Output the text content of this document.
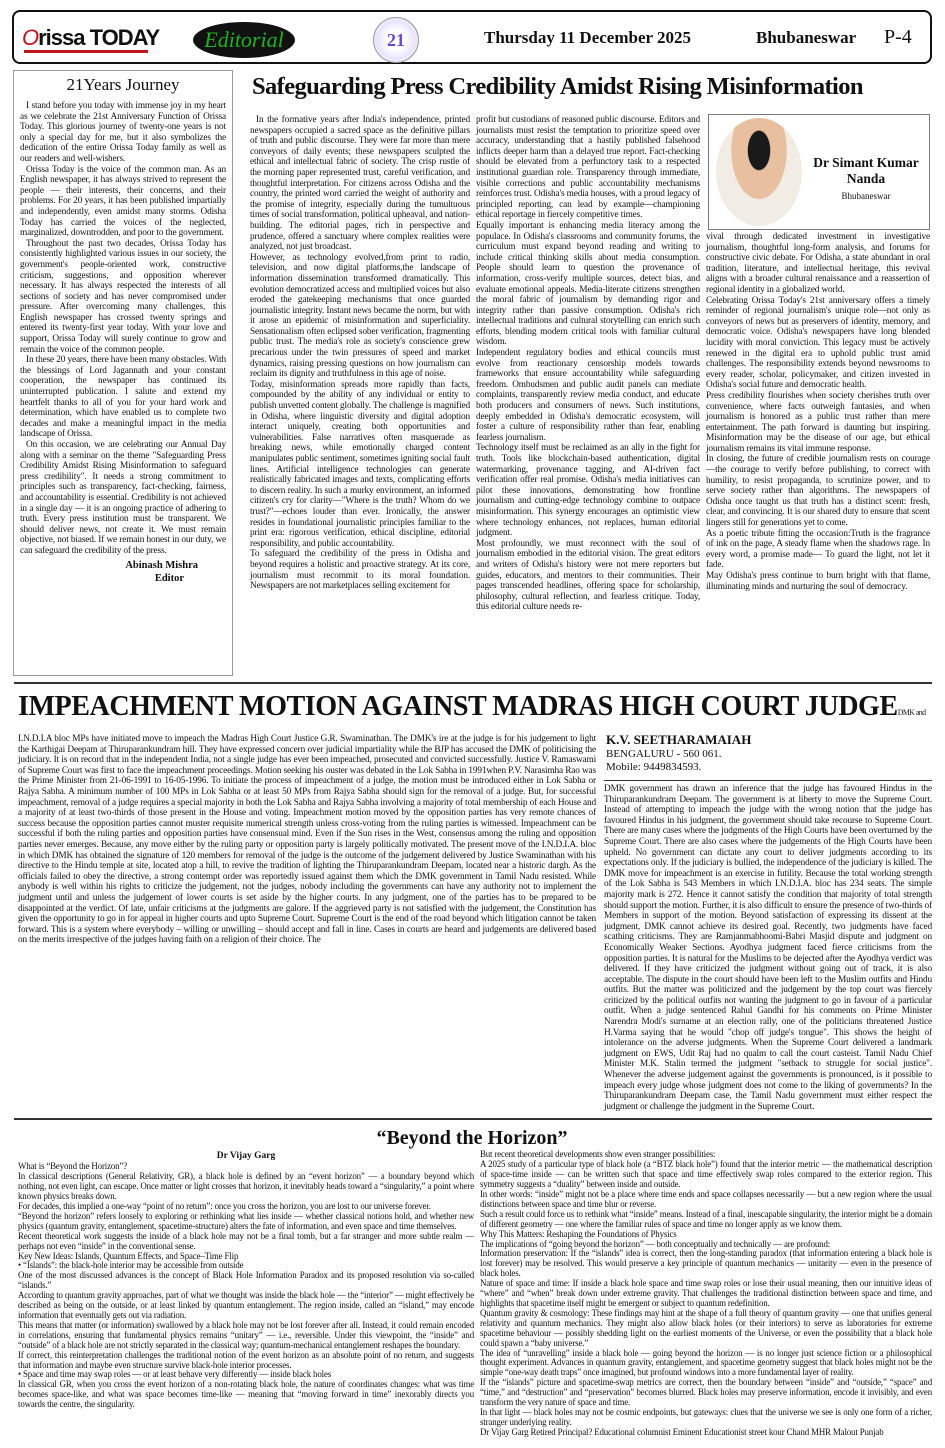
Orissa TODAY	Editorial	21	Thursday 11 December 2025	Bhubaneswar P-4
21Years Journey

I stand before you today with immense joy in my heart as we celebrate the 21st Anniversary Function of Orissa Today. This glorious journey of twenty-one years is not only a special day for me, but it also symbolizes the dedication of the entire Orissa Today family as well as our readers and well-wishers.

Orissa Today is the voice of the common man. As an English newspaper, it has always strived to represent the people — their interests, their concerns, and their problems. For 20 years, it has been published impartially and independently, even amidst many storms. Odisha Today has carried the voices of the neglected, marginalized, downtrodden, and poor to the government.

Throughout the past two decades, Orissa Today has consistently highlighted various issues in our society, the government's people-oriented work, constructive criticism, suggestions, and opposition wherever necessary. It has always respected the interests of all sections of society and has never compromised under pressure. After overcoming many challenges, this English newspaper has crossed twenty springs and entered its twenty-first year today. With your love and support, Orissa Today will surely continue to grow and remain the voice of the common people.

In these 20 years, there have been many obstacles. With the blessings of Lord Jagannath and your constant cooperation, the newspaper has continued its uninterrupted publication. I salute and extend my heartfelt thanks to all of you for your hard work and determination, which have enabled us to complete two decades and make a meaningful impact in the media landscape of Orissa.

On this occasion, we are celebrating our Annual Day along with a seminar on the theme "Safeguarding Press Credibility Amidst Rising Misinformation to safeguard press credibility". It needs a strong commitment to principles such as transparency, fact-checking, fairness, and accountability is essential. Credibility is not achieved in a single day — it is an ongoing practice of adhering to truth. Every press institution must be transparent. We should deliver news, not create it. We must remain objective, not biased. If we remain honest in our duty, we can safeguard the credibility of the press.

Abinash Mishra
Editor
Safeguarding Press Credibility Amidst Rising Misinformation

In the formative years after India's independence, printed newspapers occupied a sacred space as the definitive pillars of truth and public discourse. They were far more than mere conveyors of daily events; these newspapers sculpted the ethical and intellectual fabric of society. The crisp rustle of the morning paper represented trust, careful verification, and thoughtful interpretation. For citizens across Odisha and the country, the printed word carried the weight of authority and the promise of integrity, especially during the tumultuous times of social transformation, political upheaval, and nation-building. The editorial pages, rich in perspective and prudence, offered a sanctuary where complex realities were analyzed, not just broadcast.

However, as technology evolved,from print to radio, television, and now digital platforms,the landscape of information dissemination transformed dramatically. This evolution democratized access and multiplied voices but also eroded the gatekeeping mechanisms that once guarded journalistic integrity. Instant news became the norm, but with it arose an epidemic of misinformation and superficiality. Sensationalism often eclipsed sober verification, fragmenting public trust. The media's role as society's conscience grew precarious under the twin pressures of speed and market dynamics, raising pressing questions on how journalism can reclaim its dignity and truthfulness in this age of noise.

Today, misinformation spreads more rapidly than facts, compounded by the ability of any individual or entity to publish unvetted content globally. The challenge is magnified in Odisha, where linguistic diversity and digital adoption interact uniquely, creating both opportunities and vulnerabilities. False narratives often masquerade as breaking news, while emotionally charged content manipulates public sentiment, sometimes igniting social fault lines. Artificial intelligence technologies can generate realistically fabricated images and texts, complicating efforts to discern reality. In such a murky environment, an informed citizen's cry for clarity—"Where is the truth? Whom do we trust?"—echoes louder than ever. Ironically, the answer resides in foundational journalistic principles familiar to the print era: rigorous verification, ethical discipline, editorial responsibility, and public accountability.

To safeguard the credibility of the press in Odisha and beyond requires a holistic and proactive strategy. At its core, journalism must recommit to its moral foundation. Newspapers are not marketplaces selling excitement for

profit but custodians of reasoned public discourse. Editors and journalists must resist the temptation to prioritize speed over accuracy, understanding that a hastily published falsehood inflicts deeper harm than a delayed true report. Fact-checking should be elevated from a perfunctory task to a respected institutional guardian role. Transparency through immediate, visible corrections and public accountability mechanisms reinforces trust. Odisha's media houses, with a proud legacy of principled reporting, can lead by example—championing ethical reportage in fiercely competitive times.

Equally important is enhancing media literacy among the populace. In Odisha's classrooms and community forums, the curriculum must expand beyond reading and writing to include critical thinking skills about media consumption. People should learn to question the provenance of information, cross-verify multiple sources, detect bias, and evaluate emotional appeals. Media-literate citizens strengthen the moral fabric of journalism by demanding rigor and integrity rather than passive consumption. Odisha's rich intellectual traditions and cultural storytelling can enrich such efforts, blending modern critical tools with familiar cultural wisdom.

Independent regulatory bodies and ethical councils must evolve from reactionary censorship models towards frameworks that ensure accountability while safeguarding freedom. Ombudsmen and public audit panels can mediate complaints, transparently review media conduct, and educate both producers and consumers of news. Such institutions, deeply embedded in Odisha's democratic ecosystem, will foster a culture of responsibility rather than fear, enabling fearless journalism.

Technology itself must be reclaimed as an ally in the fight for truth. Tools like blockchain-based authentication, digital watermarking, provenance tagging, and AI-driven fact verification offer real promise. Odisha's media initiatives can pilot these innovations, demonstrating how frontline journalism and cutting-edge technology combine to outpace misinformation. This synergy encourages an optimistic view where technology enhances, not replaces, human editorial judgment.

Most profoundly, we must reconnect with the soul of journalism embodied in the editorial vision. The great editors and writers of Odisha's history were not mere reporters but guides, educators, and mentors to their communities. Their pages transcended headlines, offering space for scholarship, philosophy, cultural reflection, and fearless critique. Today, this editorial culture needs re-

Dr Simant Kumar Nanda
Bhubaneswar

vival through dedicated investment in investigative journalism, thoughtful long-form analysis, and forums for constructive civic debate. For Odisha, a state abundant in oral tradition, literature, and intellectual heritage, this revival aligns with a broader cultural renaissance and a reassertion of regional identity in a globalized world.

Celebrating Orissa Today's 21st anniversary offers a timely reminder of regional journalism's unique role—not only as conveyors of news but as preservers of identity, memory, and democratic voice. Odisha's newspapers have long blended lucidity with moral conviction. This legacy must be actively renewed in the digital era to uphold public trust amid challenges. The responsibility extends beyond newsrooms to every reader, scholar, policymaker, and citizen invested in Odisha's social future and democratic health.

Press credibility flourishes when society cherishes truth over convenience, where facts outweigh fantasies, and when journalism is honored as a public trust rather than mere entertainment. The path forward is daunting but inspiring. Misinformation may be the disease of our age, but ethical journalism remains its vital immune response.

In closing, the future of credible journalism rests on courage—the courage to verify before publishing, to correct with humility, to resist propaganda, to scrutinize power, and to serve society rather than algorithms. The newspapers of Odisha once taught us that truth has a distinct scent: fresh, clear, and convincing. It is our shared duty to ensure that scent lingers still for generations yet to come.

As a poetic tribute fitting the occasion:Truth is the fragrance of ink on the page, A steady flame when the shadows rage. In every word, a promise made— To guard the light, not let it fade.

May Odisha's press continue to burn bright with that flame, illuminating minds and nurturing the soul of democracy.

IMPEACHMENT MOTION AGAINST MADRAS HIGH COURT JUDGEDMK and
I.N.D.I.A bloc MPs have initiated move to impeach the Madras High Court Justice G.R. Swaminathan. The DMK's ire at the judge is for his judgement to light the Karthigai Deepam at Thiruparankundram hill. They have expressed concern over judicial impartiality while the BJP has accused the DMK of politicising the judiciary. It is on record that in the independent India, not a single judge has ever been impeached, prosecuted and convicted successfully. Justice V. Ramaswami of Supreme Court was first to face the impeachment proceedings. Motion seeking his ouster was debated in the Lok Sabha in 1991when P.V. Narasimha Rao was the Prime Minister from 21-06-1991 to 16-05-1996. To initiate the process of impeachment of a judge, the motion must be introduced either in Lok Sabha or Rajya Sabha. A minimum number of 100 MPs in Lok Sabha or at least 50 MPs from Rajya Sabha should sign for the removal of a judge. But, for successful impeachment, removal of a judge requires a special majority in both the Lok Sabha and Rajya Sabha involving a majority of total membership of each House and a majority of at least two-thirds of those present in the House and voting. Impeachment motion moved by the opposition parties has very remote chances of success because the opposition parties cannot muster requisite numerical strength unless cross-voting from the ruling parties is witnessed. Impeachment can be successful if both the ruling parties and opposition parties have consensual mind. Even if the Sun rises in the West, consensus among the ruling and opposition parties never emerges. Because, any move either by the ruling party or opposition party is largely politically motivated. The present move of the I.N.D.I.A. bloc in which DMK has obtained the signature of 120 members for removal of the judge is the outcome of the judgement delivered by Justice Swaminathan with his directive to the Hindu temple at site, located atop a hill, to revive the tradition of lighting the Thiruparankundram Deepam, located near a historic dargh. As the officials failed to obey the directive, a strong contempt order was reportedly issued against them which the DMK government in Tamil Nadu resisted. While anybody is well within his rights to criticize the judgement, not the judges, nobody including the governments can have any authority not to implement the judgment until and unless the judgement of lower courts is set aside by the higher courts. In any judgment, one of the parties has to be prepared to be disappointed at the verdict. Of late, unfair criticisms at the judgments are galore. If the aggrieved party is not satisfied with the judgement, the Constitution has given the opportunity to go in for appeal in higher courts and upto Supreme Court. Supreme Court is the end of the road beyond which litigation cannot be taken forward. This is a system where everybody – willing or unwilling – should accept and fall in line. Cases in courts are heard and judgements are delivered based on the merits irrespective of the judges having faith on a religion of their choice. The
K.V. SEETHARAMAIAH
BENGALURU - 560 061.
Mobile: 9449834593.
DMK government has drawn an inference that the judge has favoured Hindus in the Thiruparankundram Deepam. The government is at liberty to move the Supreme Court. Instead of attempting to impeach the judge with the wrong notion that the judge has favoured Hindus in his judgment, the government should take recourse to Supreme Court. There are many cases where the judgments of the High Courts have been overturned by the Supreme Court. There are also cases where the judgements of the High Courts have been upheld. No government can dictate any court to deliver judgments according to its expectations only. If the judiciary is bullied, the independence of the judiciary is killed. The DMK move for impeachment is an exercise in futility. Because the total working strength of the Lok Sabha is 543 Members in which I.N.D.I.A. bloc has 234 seats. The simple majority mark is 272. Hence it cannot satisfy the condition that majority of total strength should support the motion. Further, it is also difficult to ensure the presence of two-thirds of Members in support of the motion. Beyond satisfaction of expressing its dissent at the judgment, DMK cannot achieve its desired goal. Recently, two judgments have faced scathing criticisms. They are Ramjanmabhoomi-Babri Masjid dispute and judgment on Economically Weaker Sections. Ayodhya judgment faced fierce criticisms from the opposition parties. It is natural for the Muslims to be dejected after the Ayodhya verdict was delivered. If they have criticized the judgment without going out of track, it is also acceptable. The dispute in the court should have been left to the Muslim outfits and Hindu outfits. But the matter was politicized and the judgement by the top court was fiercely criticized by the political outfits not wanting the judgment to go in favour of a particular outfit. When a judge sentenced Rahul Gandhi for his comments on Prime Minister Narendra Modi's surname at an election rally, one of the politicians threatened Justice H.Varma saying that he would "chop off judge's tongue". This shows the height of intolerance on the adverse judgments. When the Supreme Court delivered a landmark judgment on EWS, Udit Raj had no qualm to call the court casteist. Tamil Nadu Chief Minister M.K. Stalin termed the judgment "setback to struggle for social justice". Whenever the adverse judgement against the governments is pronounced, is it possible to impeach every judge whose judgment does not come to the liking of governments? In the Thiruparankundram Deepam case, the Tamil Nadu government must either respect the judgment or challenge the judgment in the Supreme Court.
“Beyond the Horizon”
Dr Vijay Garg

What is “Beyond the Horizon”?

In classical descriptions (General Relativity, GR), a black hole is defined by an “event horizon” — a boundary beyond which nothing, not even light, can escape. Once matter or light crosses that horizon, it inevitably heads toward a “singularity,” a point where known physics breaks down.

For decades, this implied a one-way “point of no return”: once you cross the horizon, you are lost to our universe forever.

“Beyond the horizon” refers loosely to exploring or rethinking what lies inside — whether classical notions hold, and whether new physics (quantum gravity, entanglement, spacetime-structure) alters the fate of information, and even space and time themselves.

Recent theoretical work suggests the inside of a black hole may not be a final tomb, but a far stranger and more subtle realm — perhaps not even “inside” in the conventional sense.

Key New Ideas: Islands, Quantum Effects, and Space–Time Flip

• “Islands”: the black-hole interior may be accessible from outside

One of the most discussed advances is the concept of Black Hole Information Paradox and its proposed resolution via so-called “islands.”

According to quantum gravity approaches, part of what we thought was inside the black hole — the “interior” — might effectively be described as being on the outside, or at least linked by quantum entanglement. The region inside, called an “island,” may encode information that eventually gets out via radiation.

This means that matter (or information) swallowed by a black hole may not be lost forever after all. Instead, it could remain encoded in correlations, ensuring that fundamental physics remains “unitary” — i.e., reversible. Under this viewpoint, the “inside” and “outside” of a black hole are not strictly separated in the classical way; quantum-mechanical entanglement reshapes the boundary.

If correct, this reinterpretation challenges the traditional notion of the event horizon as an absolute point of no return, and suggests that information and maybe even structure survive black-hole interior processes.

• Space and time may swap roles — or at least behave very differently — inside black holes

In classical GR, when you cross the event horizon of a non-rotating black hole, the nature of coordinates changes: what was time becomes space-like, and what was space becomes time-like — meaning that “moving forward in time” inexorably directs you towards the centre, the singularity.

But recent theoretical developments show even stranger possibilities:

A 2025 study of a particular type of black hole (a “BTZ black hole”) found that the interior metric — the mathematical description of space-time inside — can be written such that space and time effectively swap roles compared to the exterior region. This symmetry suggests a “duality” between inside and outside.

In other words: “inside” might not be a place where time ends and space collapses necessarily — but a new region where the usual distinctions between space and time blur or reverse.

Such a result could force us to rethink what “inside” means. Instead of a final, inescapable singularity, the interior might be a domain of different geometry — one where the familiar rules of space and time no longer apply as we know them.

Why This Matters: Reshaping the Foundations of Physics

The implications of “going beyond the horizon” — both conceptually and technically — are profound:

Information preservation: If the “islands” idea is correct, then the long-standing paradox (that information entering a black hole is lost forever) may be resolved. This would preserve a key principle of quantum mechanics — unitarity — even in the presence of black holes.

Nature of space and time: If inside a black hole space and time swap roles or lose their usual meaning, then our intuitive ideas of “where” and “when” break down under extreme gravity. That challenges the traditional distinction between space and time, and highlights that spacetime itself might be emergent or subject to quantum redefinition.

Quantum gravity & cosmology: These findings may hint at the shape of a full theory of quantum gravity — one that unifies general relativity and quantum mechanics. They might also allow black holes (or their interiors) to serve as laboratories for extreme spacetime behaviour — possibly shedding light on the earliest moments of the Universe, or even the possibility that a black hole could spawn a “baby universe.”

The idea of “unravelling” inside a black hole — going beyond the horizon — is no longer just science fiction or a philosophical thought experiment. Advances in quantum gravity, entanglement, and spacetime geometry suggest that black holes might not be the simple “one-way death traps” once imagined, but profound windows into a more fundamental layer of reality.

If the “islands” picture and spacetime-swap metrics are correct, then the boundary between “inside” and “outside,” “space” and “time,” and “destruction” and “preservation” becomes blurred. Black holes may preserve information, encode it invisibly, and even transform the very nature of space and time.

In that light — black holes may not be cosmic endpoints, but gateways: clues that the universe we see is only one form of a richer, stranger underlying reality.

Dr Vijay Garg Retired Principal? Educational columnist Eminent Educationist street kour Chand MHR Malout Punjab
